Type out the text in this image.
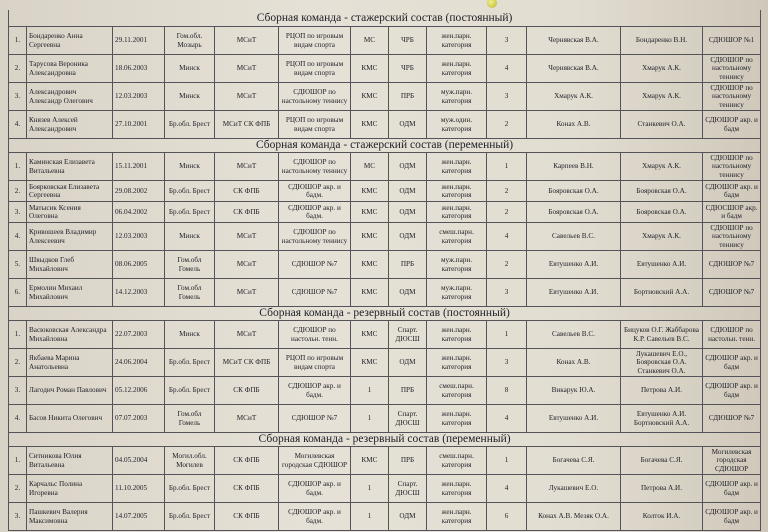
Сборная команда - стажерский состав (постоянный)												
1.	Бондаренко Анна Сергеевна	29.11.2001	Гом.обл. Мозырь	МСиТ	РЦОП по игровым видам спорта	МС	ЧРБ	жен.парн. категория	3	Чернявская В.А.	Бондаренко В.Н.	СДЮШОР №1
2.	Тарусова Вероника Александровна	18.06.2003	Минск	МСиТ	РЦОП по игровым видам спорта	КМС	ЧРБ	жен.парн. категория	4	Чернявская В.А.	Хмарук А.К.	СДЮШОР по настольному теннису
3.	Александрович Александр Олегович	12.03.2003	Минск	МСиТ	СДЮШОР по настольному теннису	КМС	ПРБ	муж.парн. категория	3	Хмарук А.К.	Хмарук А.К.	СДЮШОР по настольному теннису
4.	Князев Алексей Александрович	27.10.2001	Бр.обл. Брест	МСиТ СК ФПБ	РЦОП по игровым видам спорта	КМС	ОДМ	муж.один. категория	2	Конах А.В.	Станкевич О.А.	СДЮШОР акр. и бадм
Сборная команда - стажерский состав (переменный)												
1.	Каминская Елизавета Витальевна	15.11.2001	Минск	МСиТ	СДЮШОР по настольному теннису	МС	ОДМ	жен.парн. категория	1	Карпеев В.Н.	Хмарук А.К.	СДЮШОР по настольному теннису
2.	Боярковская Елизавета Сергеевна	29.08.2002	Бр.обл. Брест	СК ФПБ	СДЮШОР акр. и бадм.	КМС	ОДМ	жен.парн. категория	2	Бояровская О.А.	Бояровская О.А.	СДЮШОР акр. и бадм
3.	Матысик Ксения Олеговна	06.04.2002	Бр.обл. Брест	СК ФПБ	СДЮШОР акр. и бадм.	КМС	ОДМ	жен.парн. категория	2	Бояровская О.А.	Бояровская О.А.	СДЮСШОР акр. и бадм
4.	Кривошеев Владимир Алексеевич	12.03.2003	Минск	МСиТ	СДЮШОР по настольному теннису	КМС	ОДМ	смеш.парн. категория	4	Савельев В.С.	Хмарук А.К.	СДЮШОР по настольному теннису
5.	Швыдков Глеб Михайлович	08.06.2005	Гом.обл Гомель	МСиТ	СДЮШОР №7	КМС	ПРБ	муж.парн. категория	2	Евтушенко А.И.	Евтушенко А.И.	СДЮШОР №7
6.	Ермолин Михаил Михайлович	14.12.2003	Гом.обл Гомель	МСиТ	СДЮШОР №7	КМС	ОДМ	муж.парн. категория	3	Евтушенко А.И.	Бортновский А.А.	СДЮШОР №7
Сборная команда - резервный состав (постоянный)												
1.	Васюковская Александра Михайловна	22.07.2003	Минск	МСиТ	СДЮШОР по настольн. тенн.	КМС	Спарт. ДЮСШ	жен.парн. категория	1	Савельев В.С.	Бицуков О.Г. Жаббарова К.Р. Савельев В.С.	СДЮШОР по настольн. тенн.
2.	Якбаева Марина Анатольевна	24.06.2004	Бр.обл. Брест	МСиТ СК ФПБ	РЦОП по игровым видам спорта	КМС	ОДМ	жен.парн. категория	3	Конах А.В.	Лукашевич Е.О., Бояровская О.А. Станкевич О.А.	СДЮШОР акр. и бадм
3.	Лагодич Роман Павлович	05.12.2006	Бр.обл. Брест	СК ФПБ	СДЮШОР акр. и бадм.	1	ПРБ	смеш.парн. категория	8	Викарук Ю.А.	Петрова А.И.	СДЮШОР акр. и бадм
4.	Басов Никита Олегович	07.07.2003	Гом.обл Гомель	МСиТ	СДЮШОР №7	1	Спарт. ДЮСШ	жен.парн. категория	4	Евтушенко А.И.	Евтушенко А.И. Бортновский А.А.	СДЮШОР №7
Сборная команда - резервный состав (переменный)												
1.	Ситникова Юлия Витальевна	04.05.2004	Могил.обл. Могилев	СК ФПБ	Могилевская городская СДЮШОР	КМС	ПРБ	смеш.парн. категория	1	Богачева С.Я.	Богачева С.Я.	Могилевская городская СДЮШОР
2.	Карчальс Полина Игоревна	11.10.2005	Бр.обл. Брест	СК ФПБ	СДЮШОР акр. и бадм.	1	Спарт. ДЮСШ	жен.парн. категория	4	Лукашевич Е.О.	Петрова А.И.	СДЮШОР акр. и бадм
3.	Пашкевич Валерия Максимовна	14.07.2005	Бр.обл. Брест	СК ФПБ	СДЮШОР акр. и бадм.	1	ОДМ	жен.парн. категория	6	Конах А.В. Мезяк О.А.	Колток И.А.	СДЮШОР акр. и бадм
